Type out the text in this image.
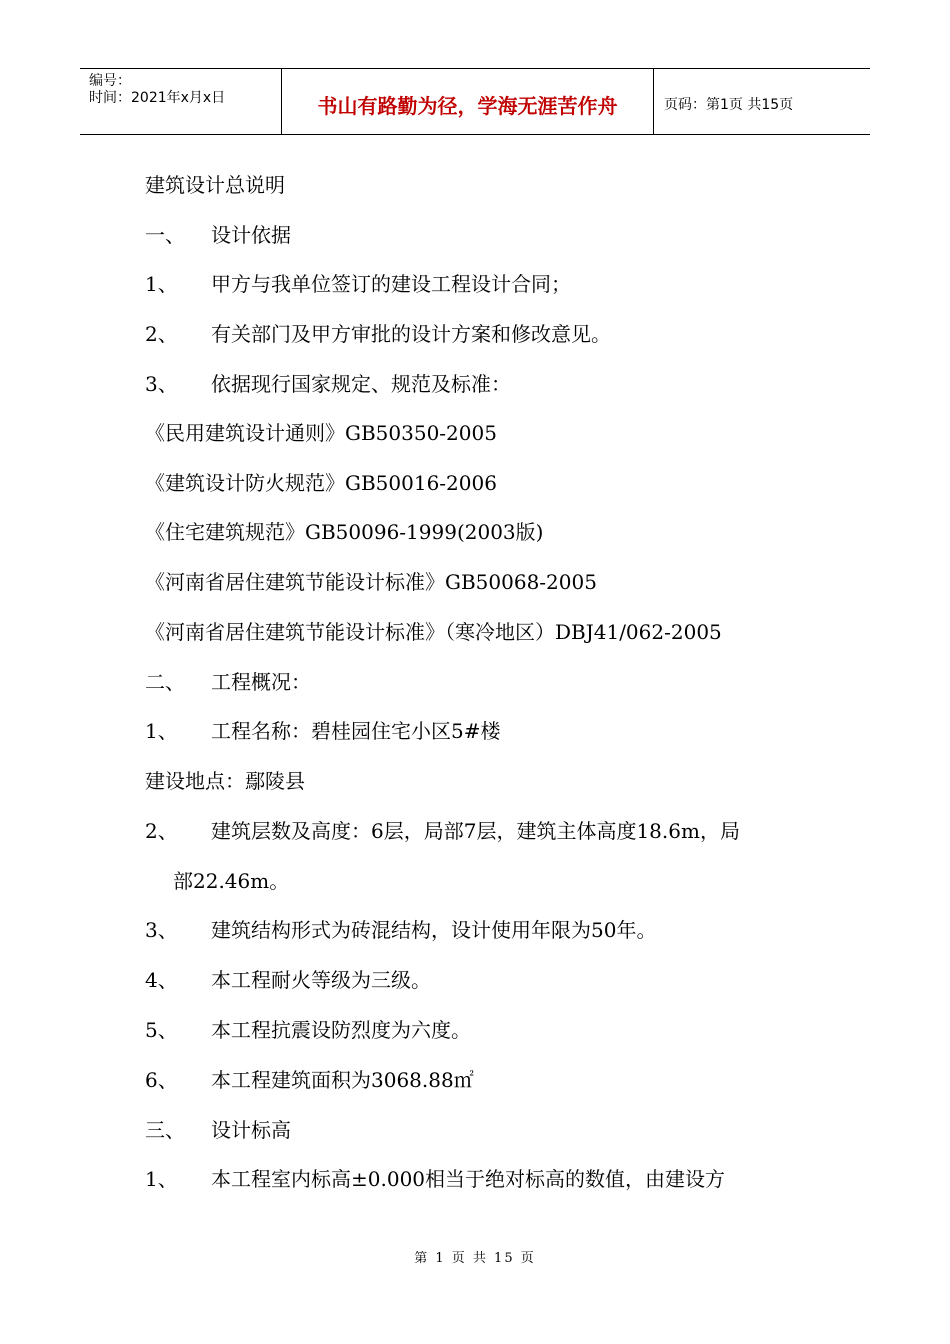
编号：
时间：2021年x月x日	书山有路勤为径，学海无涯苦作舟	页码：第1页 共15页
建筑设计总说明
一、 设计依据
1、 甲方与我单位签订的建设工程设计合同；
2、 有关部门及甲方审批的设计方案和修改意见。
3、 依据现行国家规定、规范及标准：
《民用建筑设计通则》GB50350-2005
《建筑设计防火规范》GB50016-2006
《住宅建筑规范》GB50096-1999(2003版)
《河南省居住建筑节能设计标准》GB50068-2005
《河南省居住建筑节能设计标准》（寒冷地区）DBJ41/062-2005
二、 工程概况：
1、 工程名称：碧桂园住宅小区5#楼
建设地点：鄢陵县
2、 建筑层数及高度：6层，局部7层，建筑主体高度18.6m，局
部22.46m。
3、 建筑结构形式为砖混结构，设计使用年限为50年。
4、 本工程耐火等级为三级。
5、 本工程抗震设防烈度为六度。
6、 本工程建筑面积为3068.88㎡
三、 设计标高
1、 本工程室内标高±0.000相当于绝对标高的数值，由建设方
第 1 页 共 15 页
